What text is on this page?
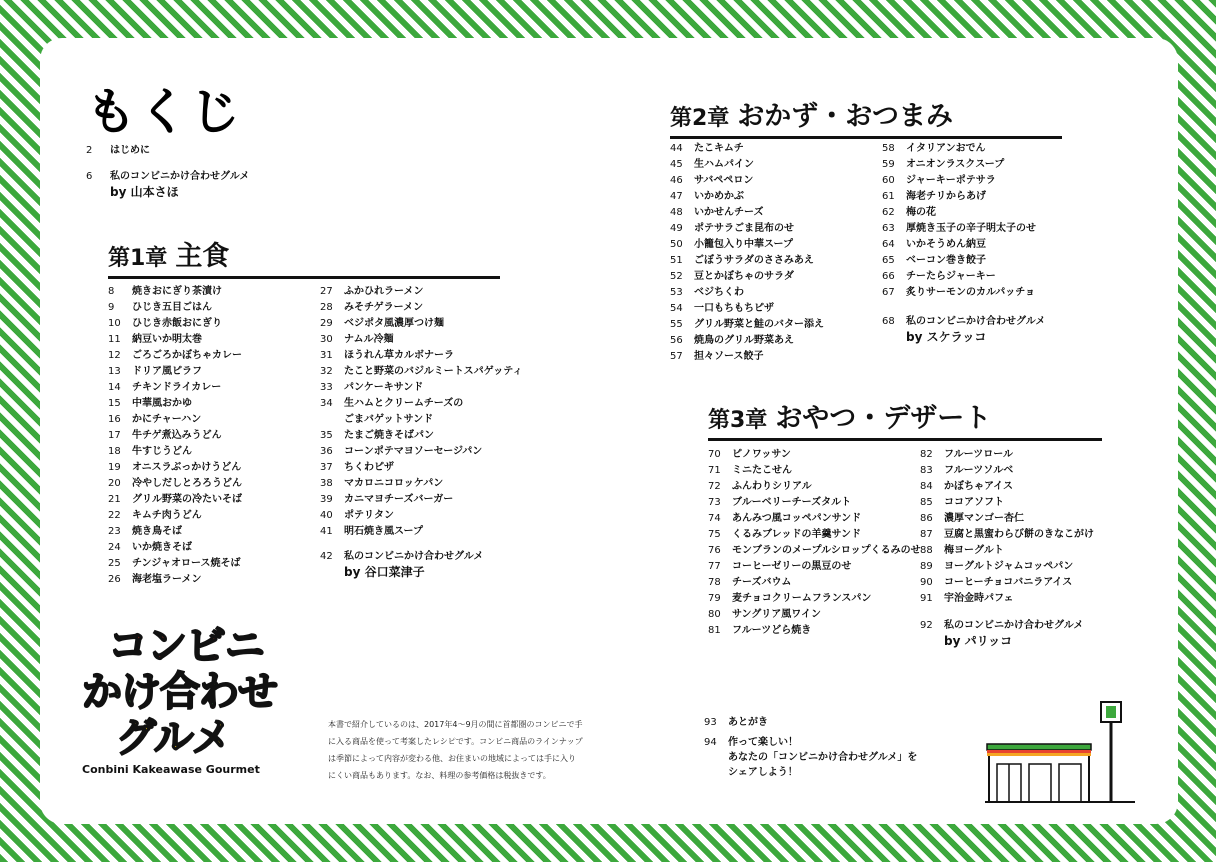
もくじ
2 はじめに
6 私のコンビニかけ合わせグルメ
by 山本さほ
第1章 主食
8 焼きおにぎり茶漬け
9 ひじき五目ごはん
10 ひじき赤飯おにぎり
11 納豆いか明太巻
12 ごろごろかぼちゃカレー
13 ドリア風ピラフ
14 チキンドライカレー
15 中華風おかゆ
16 かにチャーハン
17 牛チゲ煮込みうどん
18 牛すじうどん
19 オニスラぶっかけうどん
20 冷やしだしとろろうどん
21 グリル野菜の冷たいそば
22 キムチ肉うどん
23 焼き鳥そば
24 いか焼きそば
25 チンジャオロース焼そば
26 海老塩ラーメン
27 ふかひれラーメン
28 みそチゲラーメン
29 ベジポタ風濃厚つけ麺
30 ナムル冷麺
31 ほうれん草カルボナーラ
32 たこと野菜のバジルミートスパゲッティ
33 パンケーキサンド
34 生ハムとクリームチーズの
ごまバゲットサンド
35 たまご焼きそばパン
36 コーンポテマヨソーセージパン
37 ちくわピザ
38 マカロニコロッケパン
39 カニマヨチーズバーガー
40 ポテリタン
41 明石焼き風スープ
42 私のコンビニかけ合わせグルメ
by 谷口菜津子
第2章 おかず・おつまみ
44 たこキムチ
45 生ハムパイン
46 サバペペロン
47 いかめかぶ
48 いかせんチーズ
49 ポテサラごま昆布のせ
50 小籠包入り中華スープ
51 ごぼうサラダのささみあえ
52 豆とかぼちゃのサラダ
53 ベジちくわ
54 一口もちもちピザ
55 グリル野菜と鮭のバター添え
56 焼鳥のグリル野菜あえ
57 担々ソース餃子
58 イタリアンおでん
59 オニオンラスクスープ
60 ジャーキーポテサラ
61 海老チリからあげ
62 梅の花
63 厚焼き玉子の辛子明太子のせ
64 いかそうめん納豆
65 ベーコン巻き餃子
66 チーたらジャーキー
67 炙りサーモンのカルパッチョ
68 私のコンビニかけ合わせグルメ
by スケラッコ
第3章 おやつ・デザート
70 ピノワッサン
71 ミニたこせん
72 ふんわりシリアル
73 ブルーベリーチーズタルト
74 あんみつ風コッペパンサンド
75 くるみブレッドの羊羹サンド
76 モンブランのメープルシロップくるみのせ
77 コーヒーゼリーの黒豆のせ
78 チーズバウム
79 麦チョコクリームフランスパン
80 サングリア風ワイン
81 フルーツどら焼き
82 フルーツロール
83 フルーツソルベ
84 かぼちゃアイス
85 ココアソフト
86 濃厚マンゴー杏仁
87 豆腐と黒蜜わらび餅のきなこがけ
88 梅ヨーグルト
89 ヨーグルトジャムコッペパン
90 コーヒーチョコバニラアイス
91 宇治金時パフェ
92 私のコンビニかけ合わせグルメ
by パリッコ
93 あとがき
94 作って楽しい！
あなたの「コンビニかけ合わせグルメ」を
シェアしよう！
コンビニ
かけ合わせ
グルメ
Conbini Kakeawase Gourmet
本書で紹介しているのは、2017年4～9月の間に首都圏のコンビニで手に入る商品を使って考案したレシピです。コンビニ商品のラインナップは季節によって内容が変わる他、お住まいの地域によっては手に入りにくい商品もあります。なお、料理の参考価格は税抜きです。
